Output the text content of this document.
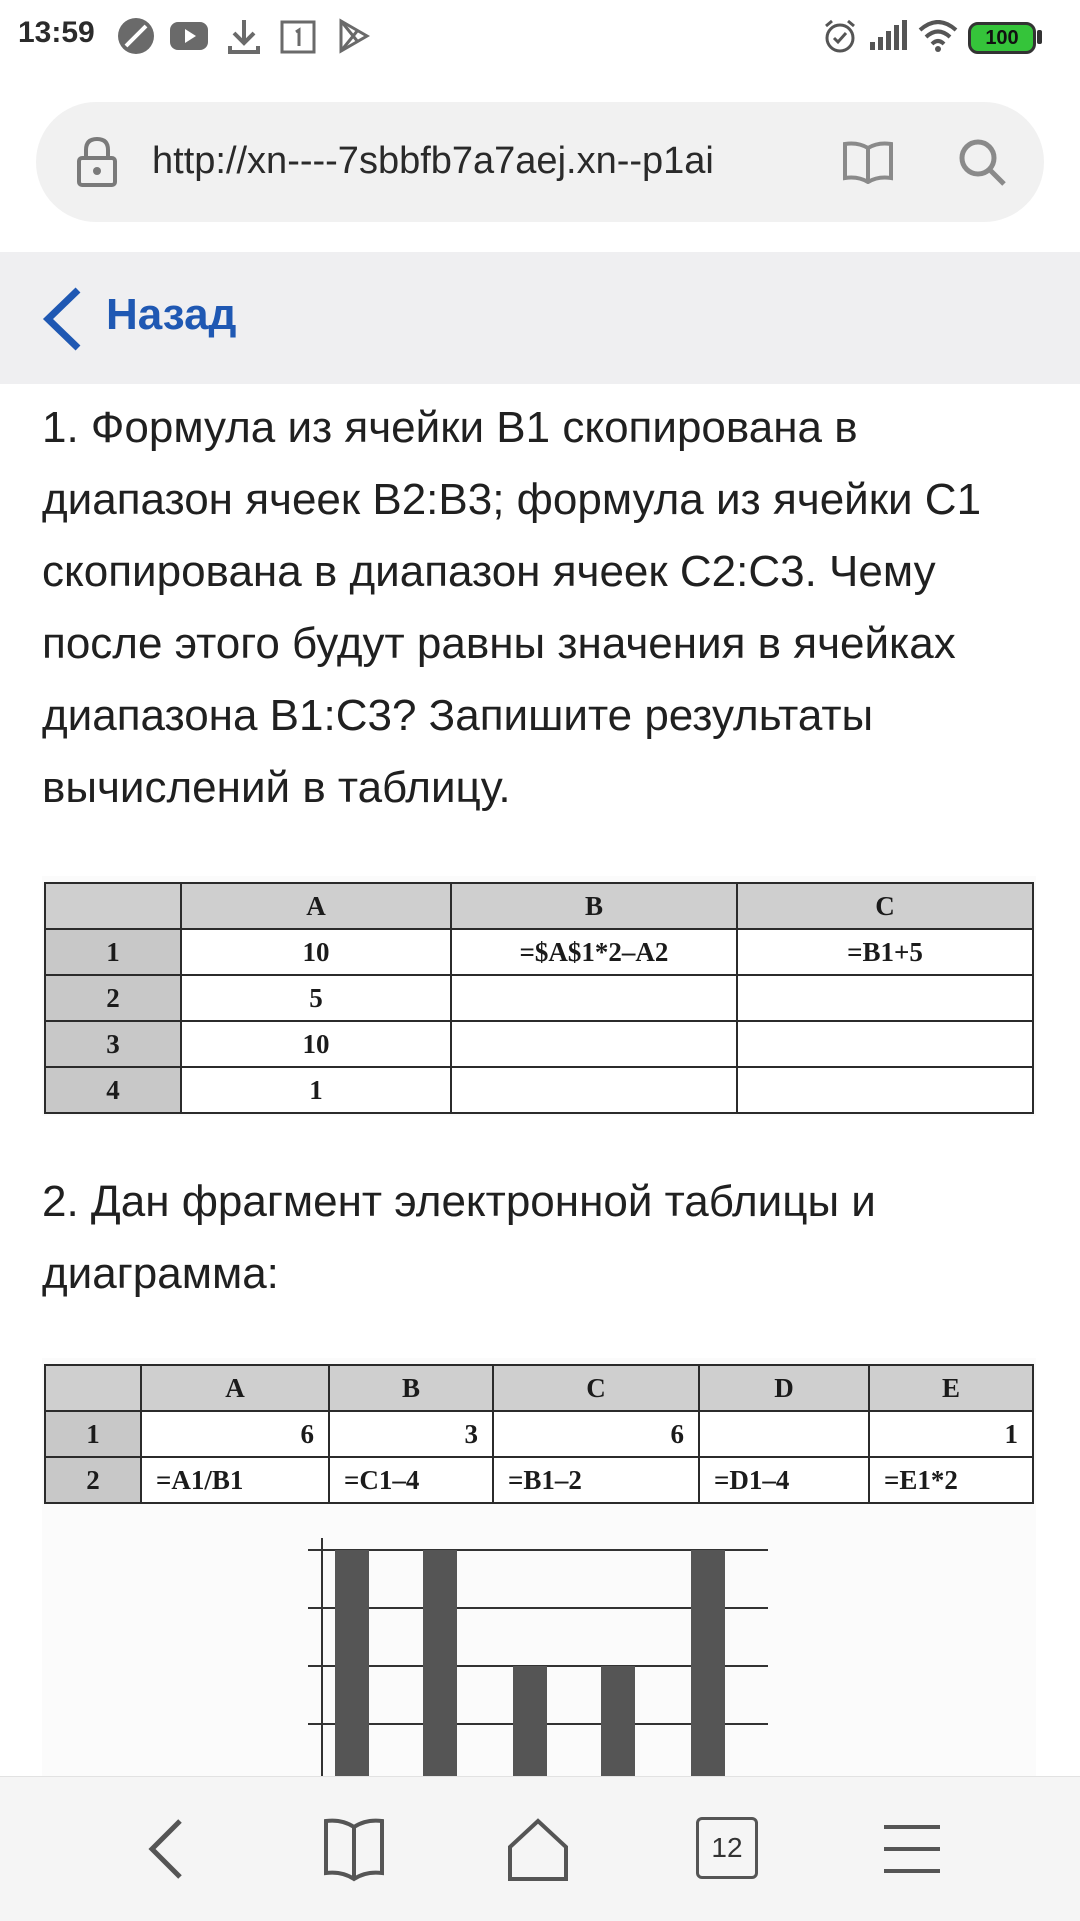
13:59	100
http://xn----7sbbfb7a7aej.xn--p1ai
Назад
1. Формула из ячейки B1 скопирована в диапазон ячеек B2:B3; формула из ячейки C1 скопирована в диапазон ячеек C2:C3. Чему после этого будут равны значения в ячейках диапазона B1:C3? Запишите результаты вычислений в таблицу.
	A	B	C
1	10	=$A$1*2–A2	=B1+5
2	5		
3	10		
4	1		
2. Дан фрагмент электронной таблицы и диаграмма:
	A	B	C	D	E
1	6	3	6		1
2	=A1/B1	=C1–4	=B1–2	=D1–4	=E1*2
12
